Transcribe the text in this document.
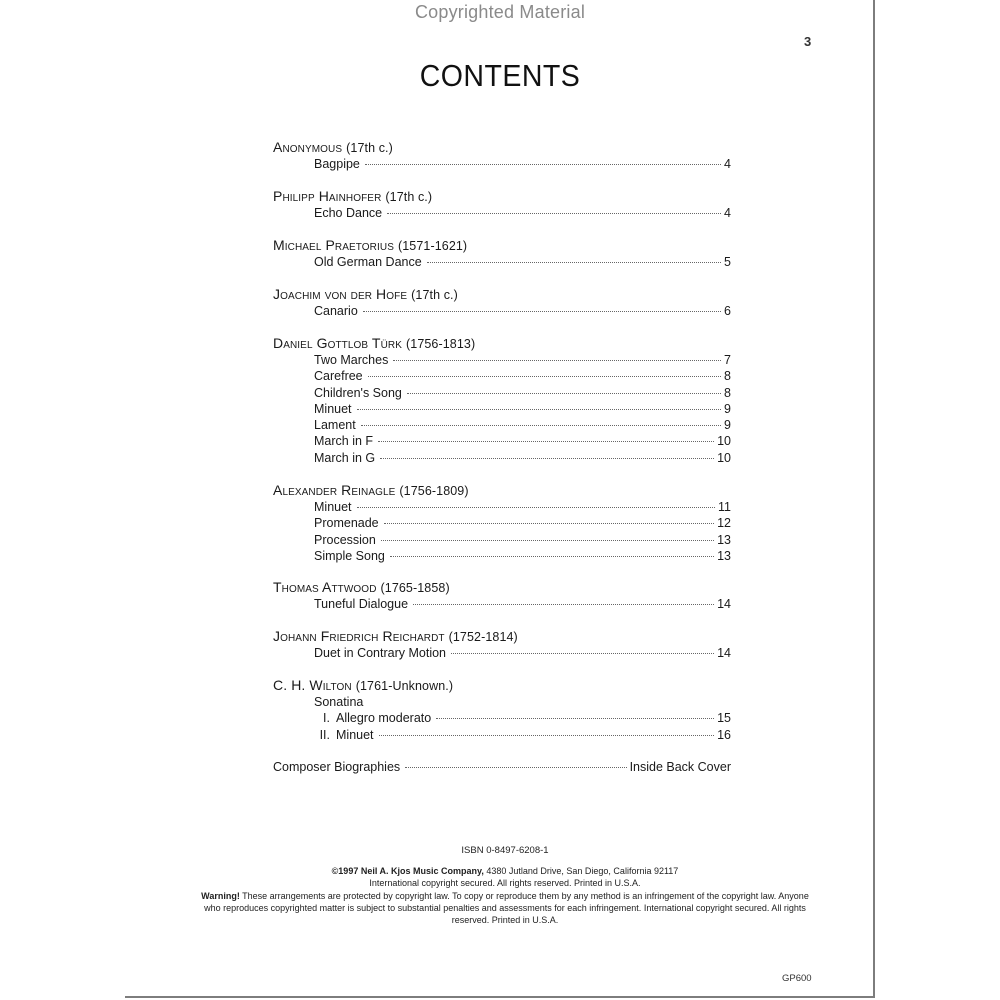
Copyrighted Material
3
CONTENTS
Anonymous (17th c.)
Bagpipe	4
Philipp Hainhofer (17th c.)
Echo Dance	4
Michael Praetorius (1571-1621)
Old German Dance	5
Joachim von der Hofe (17th c.)
Canario	6
Daniel Gottlob Türk (1756-1813)
Two Marches	7
Carefree	8
Children's Song	8
Minuet	9
Lament	9
March in F	10
March in G	10
Alexander Reinagle (1756-1809)
Minuet	11
Promenade	12
Procession	13
Simple Song	13
Thomas Attwood (1765-1858)
Tuneful Dialogue	14
Johann Friedrich Reichardt (1752-1814)
Duet in Contrary Motion	14
C. H. Wilton (1761-Unknown.)
Sonatina
I. Allegro moderato	15
II. Minuet	16
Composer Biographies	Inside Back Cover
ISBN 0-8497-6208-1
©1997 Neil A. Kjos Music Company, 4380 Jutland Drive, San Diego, California 92117
International copyright secured. All rights reserved. Printed in U.S.A.
Warning! These arrangements are protected by copyright law. To copy or reproduce them by any method is an infringement of the copyright law. Anyone who reproduces copyrighted matter is subject to substantial penalties and assessments for each infringement. International copyright secured. All rights reserved. Printed in U.S.A.
GP600
